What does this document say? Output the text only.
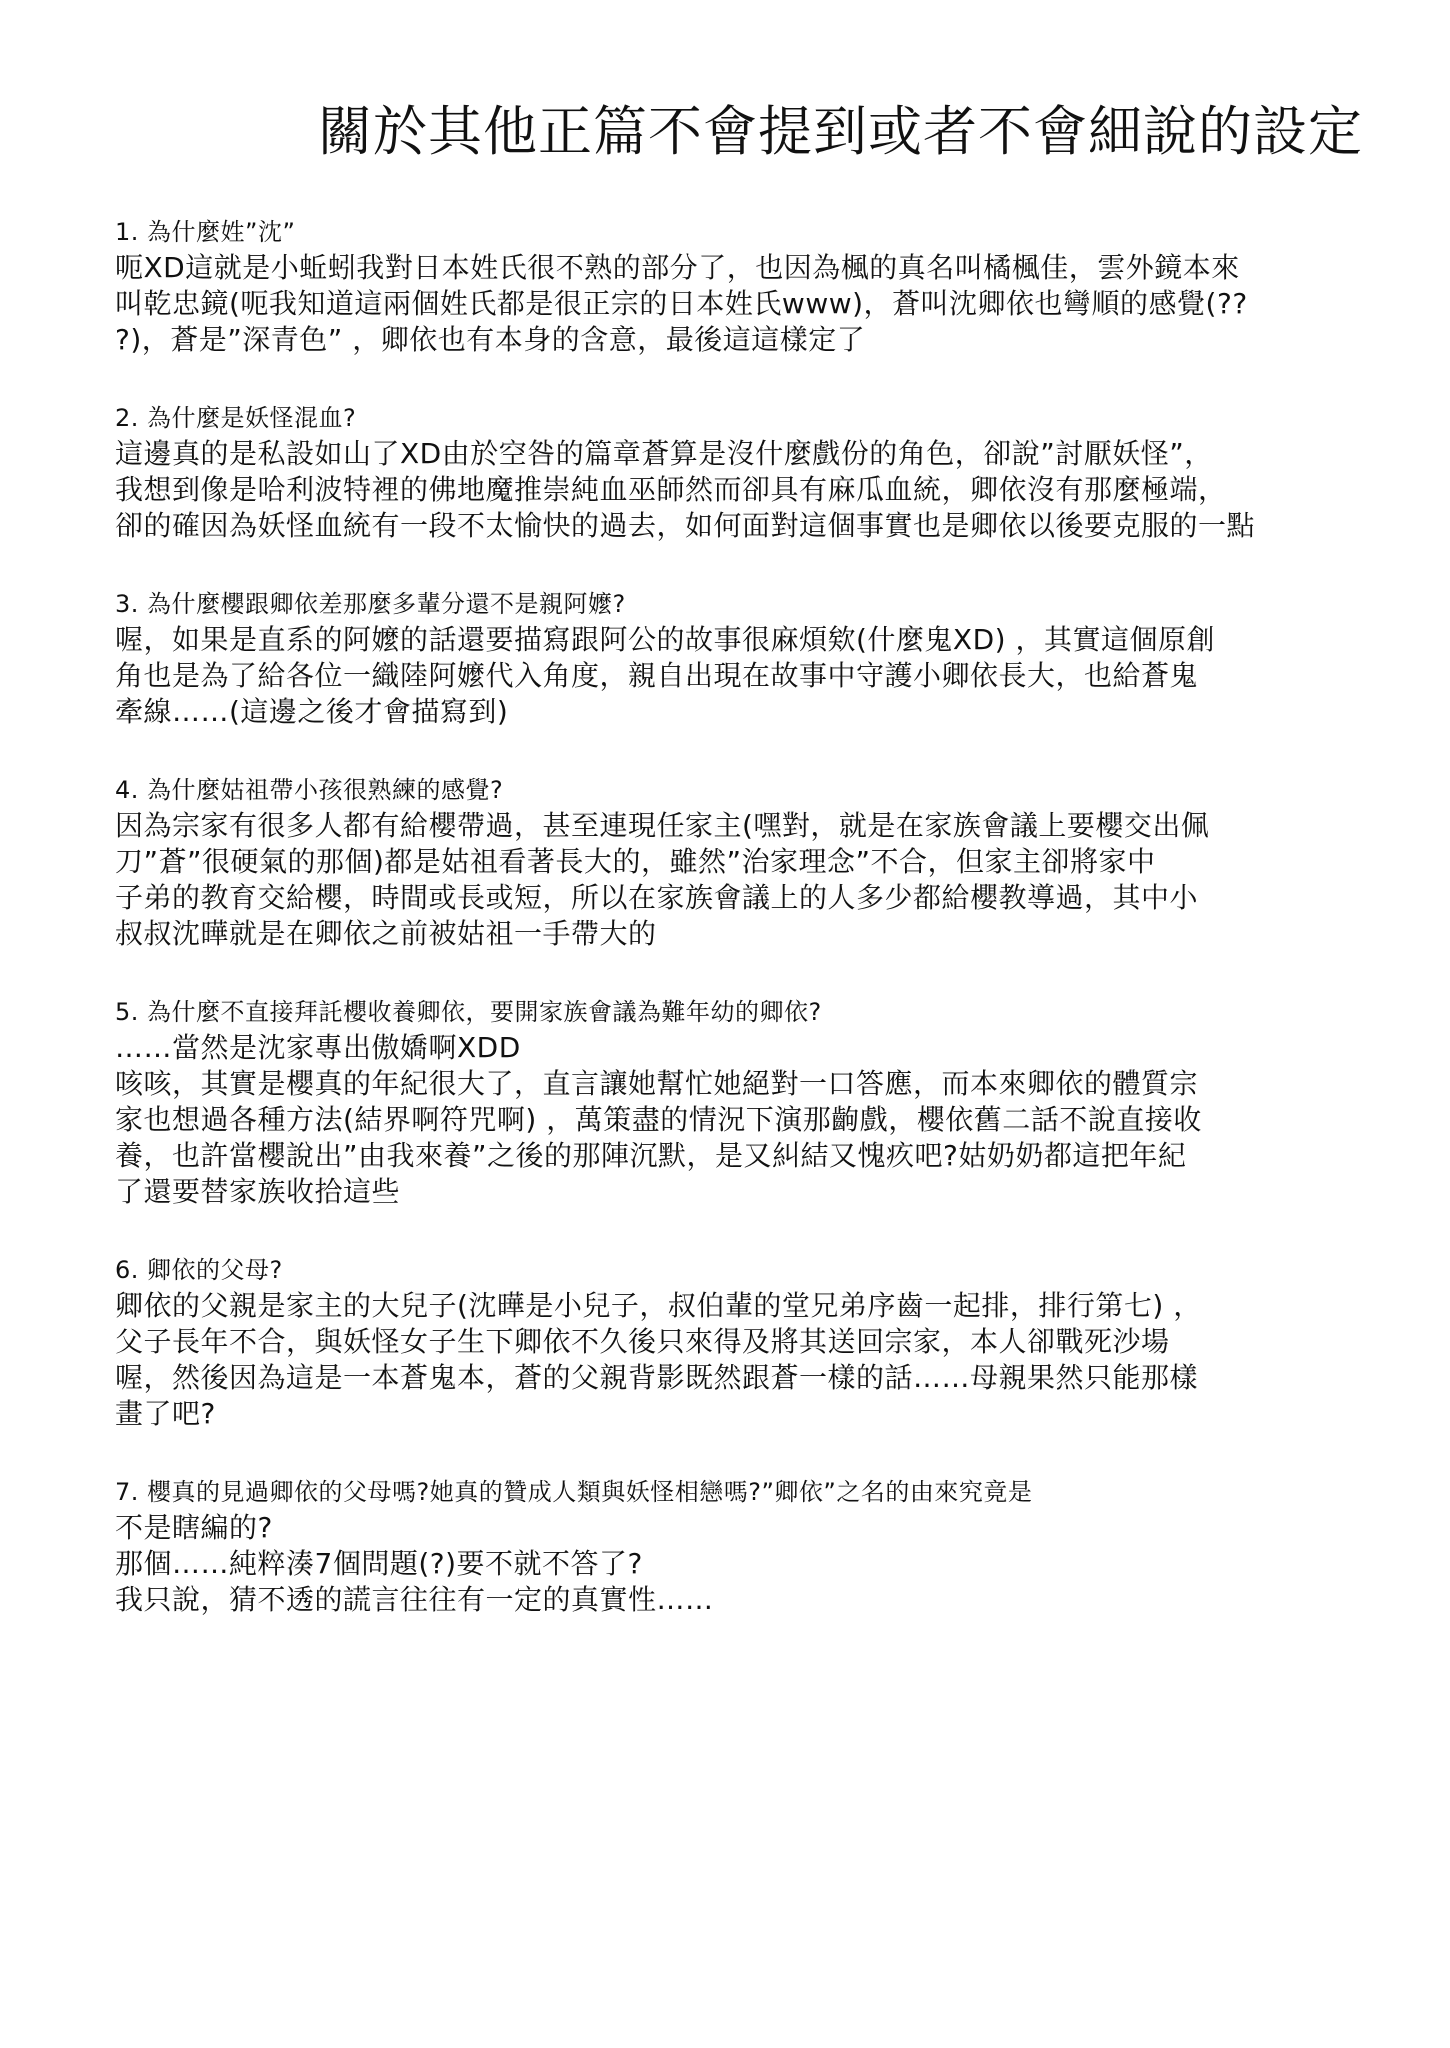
關於其他正篇不會提到或者不會細說的設定
1. 為什麼姓”沈”
呃XD這就是小蚯蚓我對日本姓氏很不熟的部分了，也因為楓的真名叫橘楓佳，雲外鏡本來
叫乾忠鏡(呃我知道這兩個姓氏都是很正宗的日本姓氏www)，蒼叫沈卿依也彎順的感覺(??
?)，蒼是”深青色” ，卿依也有本身的含意，最後這這樣定了
2. 為什麼是妖怪混血?
這邊真的是私設如山了XD由於空咎的篇章蒼算是沒什麼戲份的角色，卻說”討厭妖怪”，
我想到像是哈利波特裡的佛地魔推崇純血巫師然而卻具有麻瓜血統，卿依沒有那麼極端，
卻的確因為妖怪血統有一段不太愉快的過去，如何面對這個事實也是卿依以後要克服的一點
3. 為什麼櫻跟卿依差那麼多輩分還不是親阿嬤?
喔，如果是直系的阿嬤的話還要描寫跟阿公的故事很麻煩欸(什麼鬼XD) ，其實這個原創
角也是為了給各位一織陸阿嬤代入角度，親自出現在故事中守護小卿依長大，也給蒼鬼
牽線……(這邊之後才會描寫到)
4. 為什麼姑祖帶小孩很熟練的感覺?
因為宗家有很多人都有給櫻帶過，甚至連現任家主(嘿對，就是在家族會議上要櫻交出佩
刀”蒼”很硬氣的那個)都是姑祖看著長大的，雖然”治家理念”不合，但家主卻將家中
子弟的教育交給櫻，時間或長或短，所以在家族會議上的人多少都給櫻教導過，其中小
叔叔沈曄就是在卿依之前被姑祖一手帶大的
5. 為什麼不直接拜託櫻收養卿依，要開家族會議為難年幼的卿依?
……當然是沈家專出傲嬌啊XDD
咳咳，其實是櫻真的年紀很大了，直言讓她幫忙她絕對一口答應，而本來卿依的體質宗
家也想過各種方法(結界啊符咒啊) ，萬策盡的情況下演那齣戲，櫻依舊二話不說直接收
養，也許當櫻說出”由我來養”之後的那陣沉默，是又糾結又愧疚吧?姑奶奶都這把年紀
了還要替家族收拾這些
6. 卿依的父母?
卿依的父親是家主的大兒子(沈曄是小兒子，叔伯輩的堂兄弟序齒一起排，排行第七) ，
父子長年不合，與妖怪女子生下卿依不久後只來得及將其送回宗家，本人卻戰死沙場
喔，然後因為這是一本蒼鬼本，蒼的父親背影既然跟蒼一樣的話……母親果然只能那樣
畫了吧?
7. 櫻真的見過卿依的父母嗎?她真的贊成人類與妖怪相戀嗎?”卿依”之名的由來究竟是
不是瞎編的?
那個……純粹湊7個問題(?)要不就不答了?
我只說，猜不透的謊言往往有一定的真實性……
